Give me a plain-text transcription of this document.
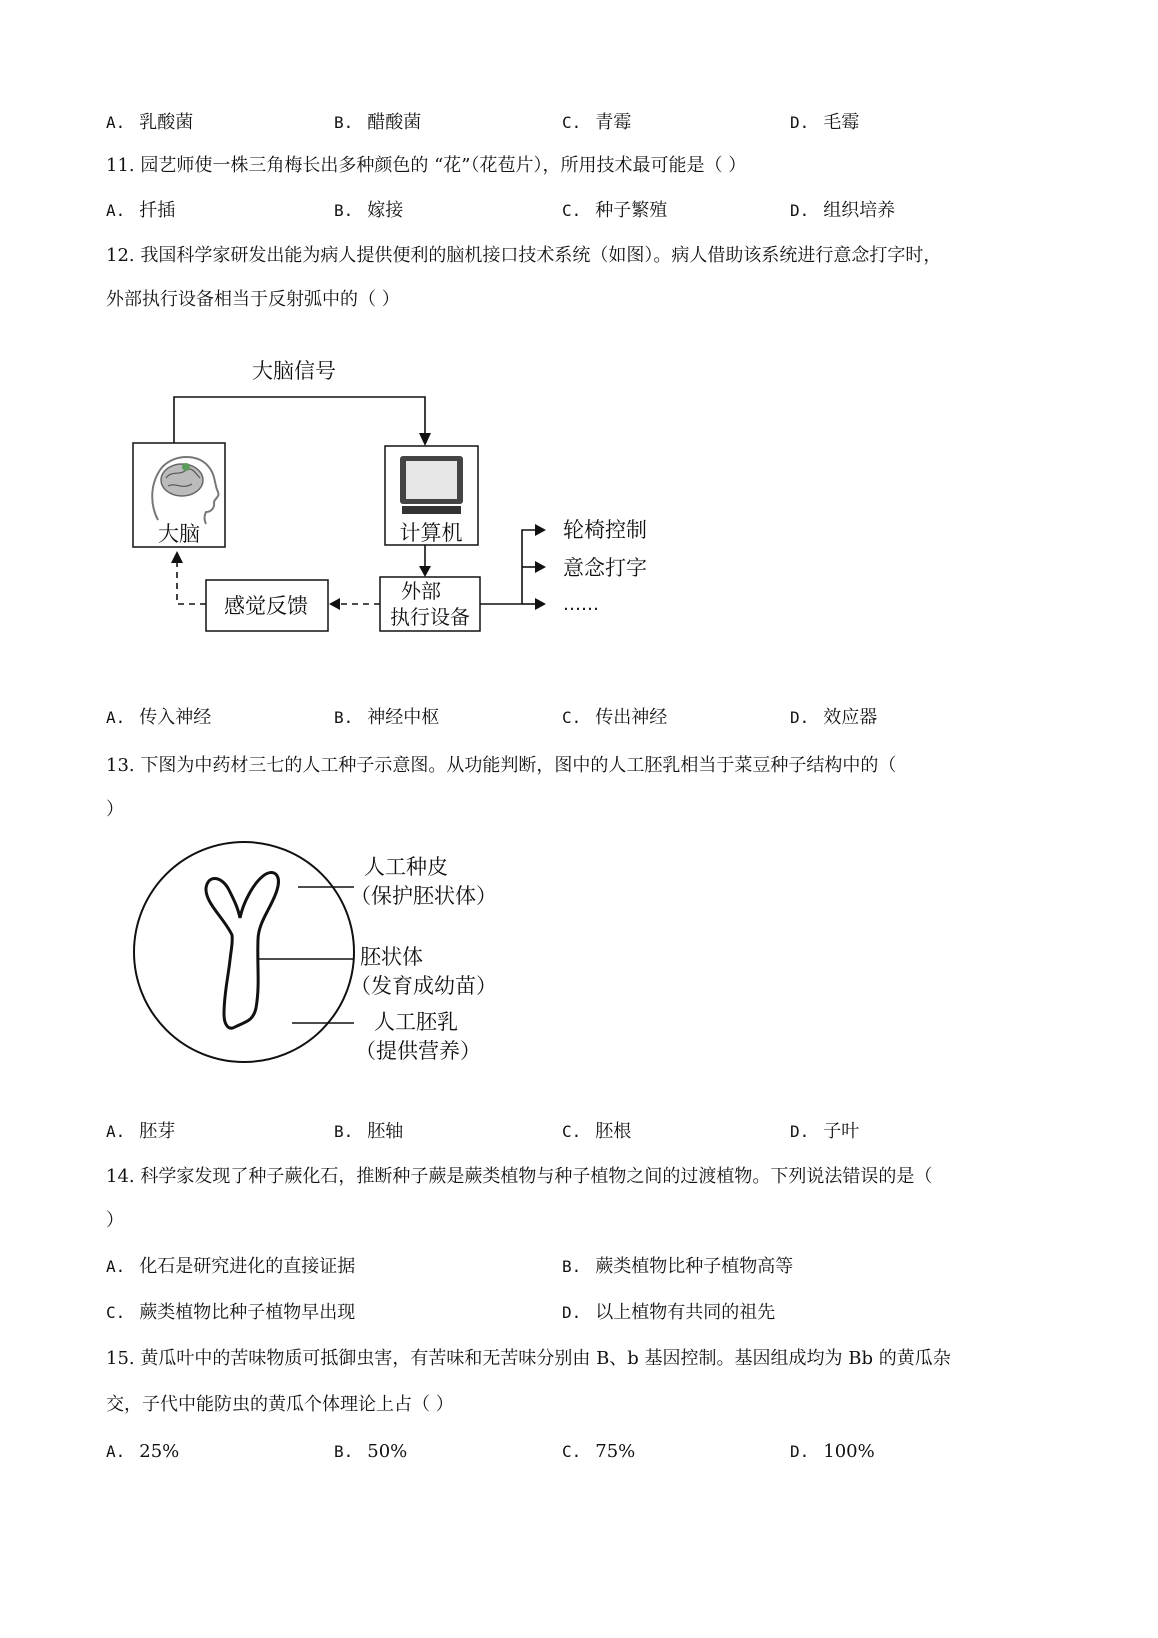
A. 乳酸菌	B. 醋酸菌	C. 青霉	D. 毛霉
11. 园艺师使一株三角梅长出多种颜色的 “花”（花苞片），所用技术最可能是（ ）
A. 扦插	B. 嫁接	C. 种子繁殖	D. 组织培养
12. 我国科学家研发出能为病人提供便利的脑机接口技术系统（如图）。病人借助该系统进行意念打字时，
外部执行设备相当于反射弧中的（ ）
大脑信号
大脑	计算机
外部
执行设备
感觉反馈
轮椅控制
意念打字
……
A. 传入神经	B. 神经中枢	C. 传出神经	D. 效应器
13. 下图为中药材三七的人工种子示意图。从功能判断，图中的人工胚乳相当于菜豆种子结构中的（
）
人工种皮
（保护胚状体）
胚状体
（发育成幼苗）
人工胚乳
（提供营养）
A. 胚芽	B. 胚轴	C. 胚根	D. 子叶
14. 科学家发现了种子蕨化石，推断种子蕨是蕨类植物与种子植物之间的过渡植物。下列说法错误的是（
）
A. 化石是研究进化的直接证据	B. 蕨类植物比种子植物高等
C. 蕨类植物比种子植物早出现	D. 以上植物有共同的祖先
15. 黄瓜叶中的苦味物质可抵御虫害，有苦味和无苦味分别由 B、b 基因控制。基因组成均为 Bb 的黄瓜杂
交，子代中能防虫的黄瓜个体理论上占（ ）
A. 25%	B. 50%	C. 75%	D. 100%
